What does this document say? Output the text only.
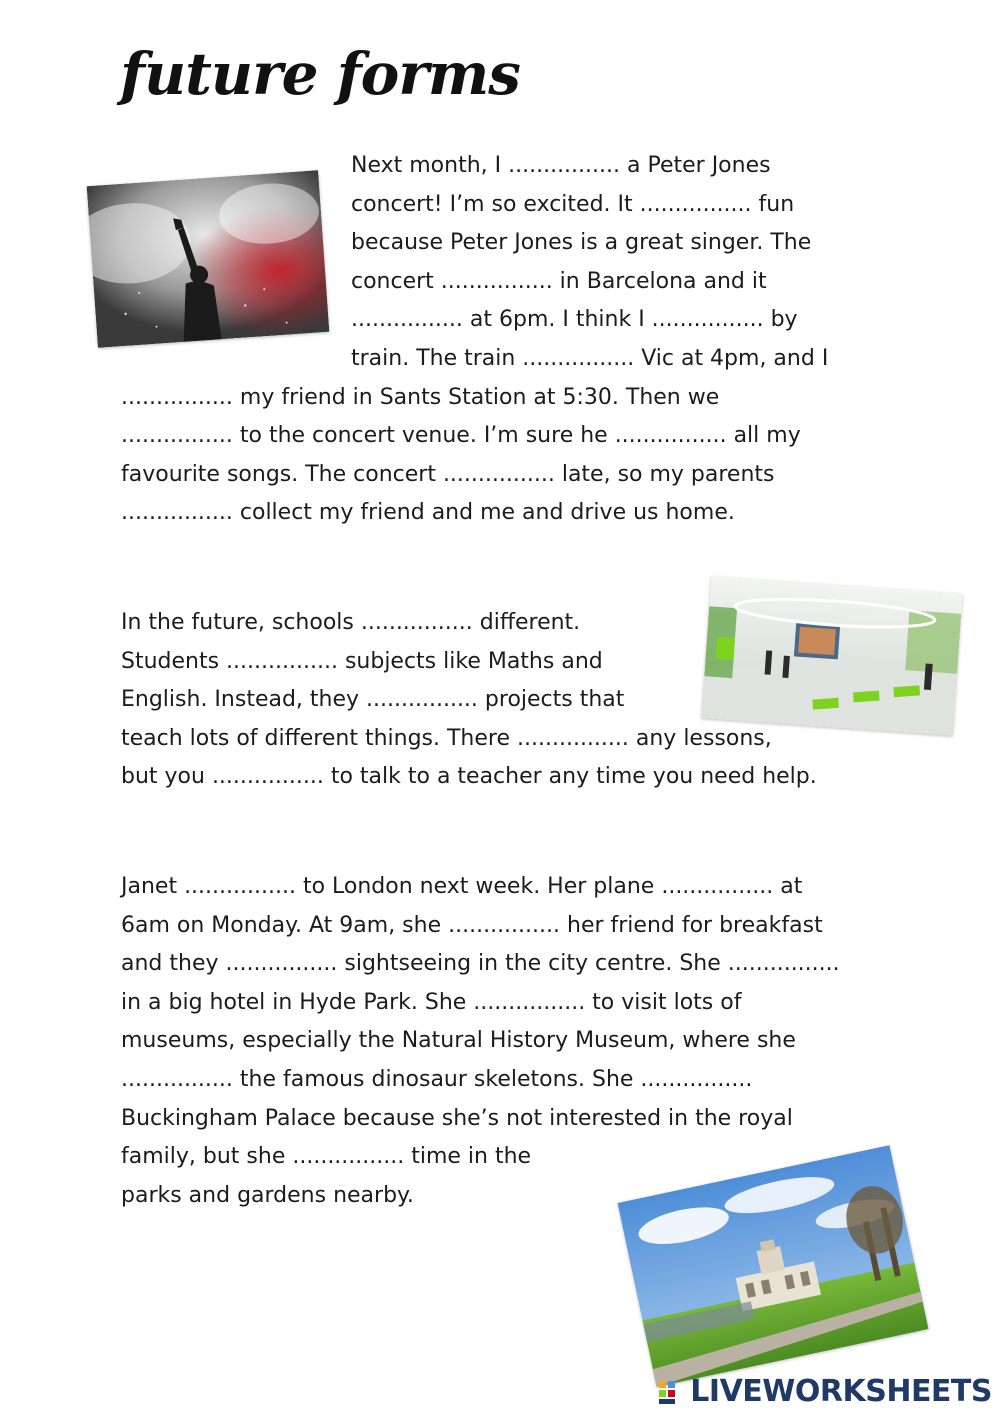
future forms
Next month, I ................ a Peter Jones
concert! I’m so excited. It ................ fun
because Peter Jones is a great singer. The
concert ................ in Barcelona and it
................ at 6pm. I think I ................ by
train. The train ................ Vic at 4pm, and I
................ my friend in Sants Station at 5:30. Then we
................ to the concert venue. I’m sure he ................ all my
favourite songs. The concert ................ late, so my parents
................ collect my friend and me and drive us home.
In the future, schools ................ different.
Students ................ subjects like Maths and
English. Instead, they ................ projects that
teach lots of different things. There ................ any lessons,
but you ................ to talk to a teacher any time you need help.
Janet ................ to London next week. Her plane ................ at
6am on Monday. At 9am, she ................ her friend for breakfast
and they ................ sightseeing in the city centre. She ................
in a big hotel in Hyde Park. She ................ to visit lots of
museums, especially the Natural History Museum, where she
................ the famous dinosaur skeletons. She ................
Buckingham Palace because she’s not interested in the royal
family, but she ................ time in the
parks and gardens nearby.
LIVEWORKSHEETS
